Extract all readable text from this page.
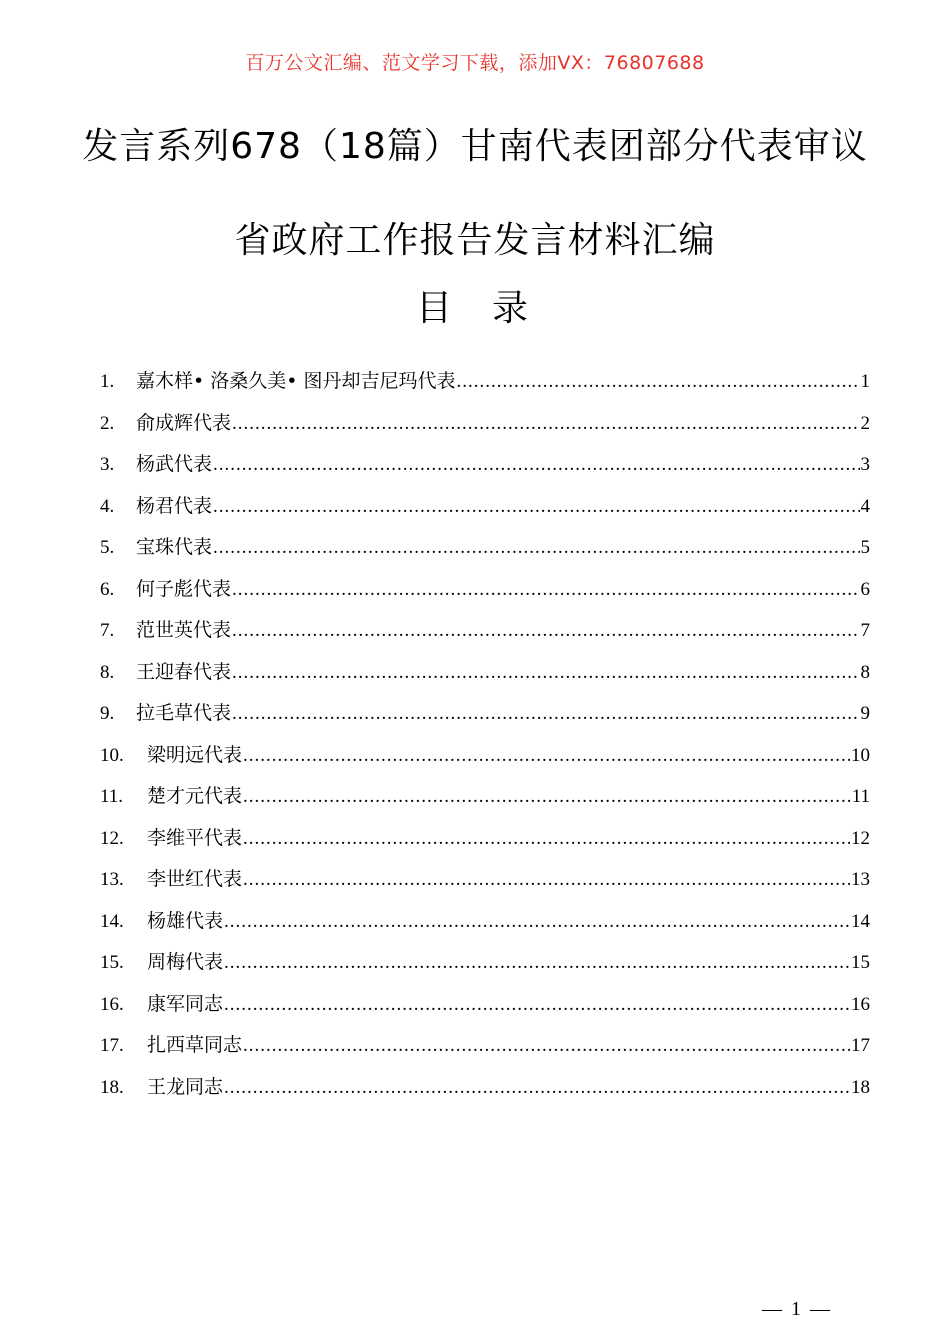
百万公文汇编、范文学习下载，添加VX：76807688
发言系列678（18篇）甘南代表团部分代表审议
省政府工作报告发言材料汇编
目 录
1.	嘉木样• 洛桑久美• 图丹却吉尼玛代表 .....	1
2.	俞成辉代表 .....	2
3.	杨武代表 .....	3
4.	杨君代表 .....	4
5.	宝珠代表 .....	5
6.	何子彪代表 .....	6
7.	范世英代表 .....	7
8.	王迎春代表 .....	8
9.	拉毛草代表 .....	9
10.	梁明远代表 .....	10
11.	楚才元代表 .....	11
12.	李维平代表 .....	12
13.	李世红代表 .....	13
14.	杨雄代表 .....	14
15.	周梅代表 .....	15
16.	康军同志 .....	16
17.	扎西草同志 .....	17
18.	王龙同志 .....	18
— 1 —
